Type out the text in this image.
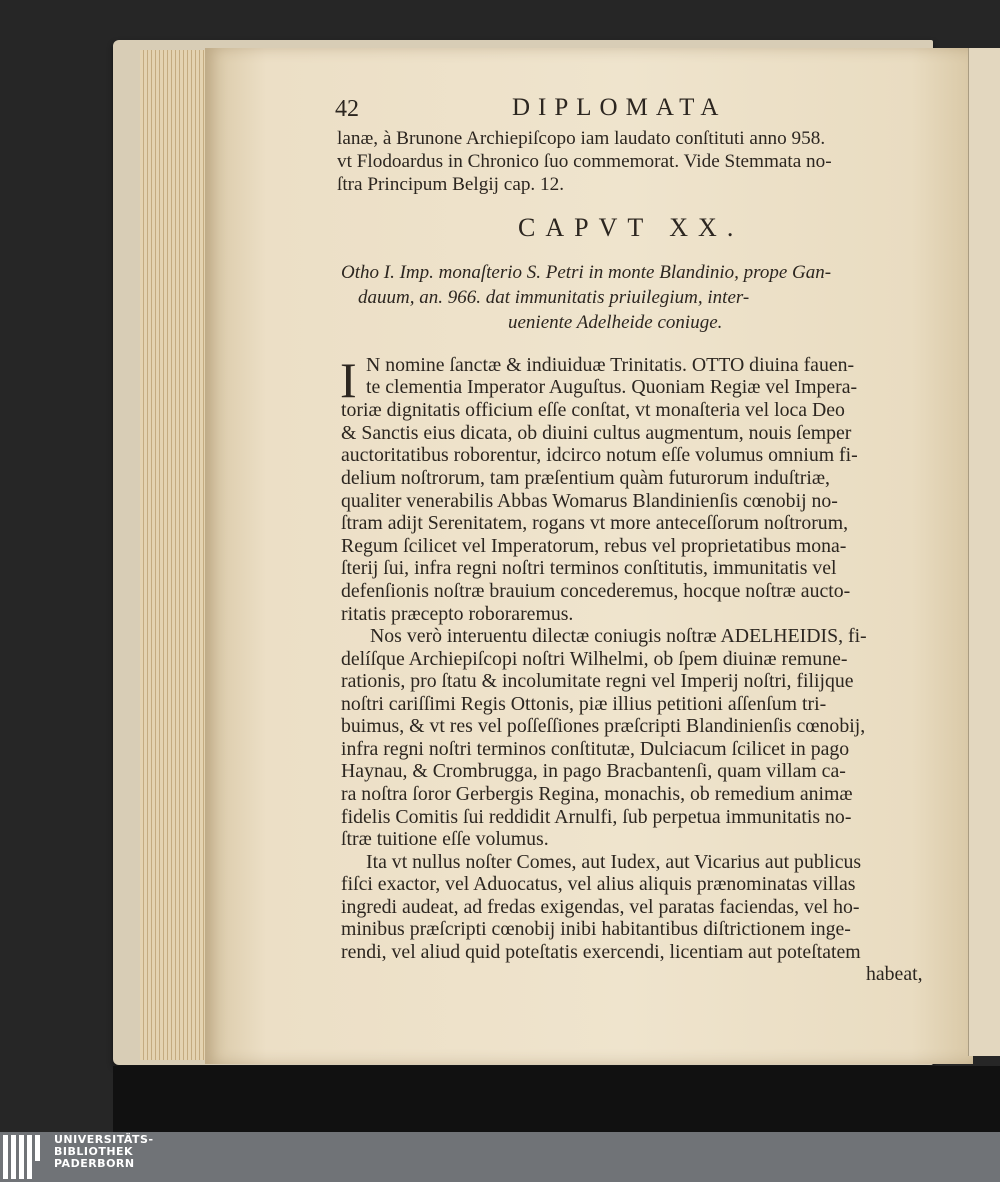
42	DIPLOMATA

lanæ, à Brunone Archiepiſcopo iam laudato conſtituti anno 958.

vt Flodoardus in Chronico ſuo commemorat. Vide Stemmata no-

ſtra Principum Belgij cap. 12.

CAPVT XX.

Otho I. Imp. monaſterio S. Petri in monte Blandinio, prope Gan-

dauum, an. 966. dat immunitatis priuilegium, inter-

ueniente Adelheide coniuge.

I N nomine ſanctæ & indiuiduæ Trinitatis. OTTO diuina fauen-

te clementia Imperator Auguſtus. Quoniam Regiæ vel Impera-

toriæ dignitatis officium eſſe conſtat, vt monaſteria vel loca Deo

& Sanctis eius dicata, ob diuini cultus augmentum, nouis ſemper

auctoritatibus roborentur, idcirco notum eſſe volumus omnium fi-

delium noſtrorum, tam præſentium quàm futurorum induſtriæ,

qualiter venerabilis Abbas Womarus Blandinienſis cœnobij no-

ſtram adijt Serenitatem, rogans vt more anteceſſorum noſtrorum,

Regum ſcilicet vel Imperatorum, rebus vel proprietatibus mona-

ſterij ſui, infra regni noſtri terminos conſtitutis, immunitatis vel

defenſionis noſtræ brauium concederemus, hocque noſtræ aucto-

ritatis præcepto roboraremus.

Nos verò interuentu dilectæ coniugis noſtræ ADELHEIDIS, fi-

delíſque Archiepiſcopi noſtri Wilhelmi, ob ſpem diuinæ remune-

rationis, pro ſtatu & incolumitate regni vel Imperij noſtri, filijque

noſtri cariſſimi Regis Ottonis, piæ illius petitioni aſſenſum tri-

buimus, & vt res vel poſſeſſiones præſcripti Blandinienſis cœnobij,

infra regni noſtri terminos conſtitutæ, Dulciacum ſcilicet in pago

Haynau, & Crombrugga, in pago Bracbantenſi, quam villam ca-

ra noſtra ſoror Gerbergis Regina, monachis, ob remedium animæ

fidelis Comitis ſui reddidit Arnulfi, ſub perpetua immunitatis no-

ſtræ tuitione eſſe volumus.

Ita vt nullus noſter Comes, aut Iudex, aut Vicarius aut publicus

fiſci exactor, vel Aduocatus, vel alius aliquis prænominatas villas

ingredi audeat, ad fredas exigendas, vel paratas faciendas, vel ho-

minibus præſcripti cœnobij inibi habitantibus diſtrictionem inge-

rendi, vel aliud quid poteſtatis exercendi, licentiam aut poteſtatem

habeat,

UNIVERSITÄTS-

BIBLIOTHEK

PADERBORN
